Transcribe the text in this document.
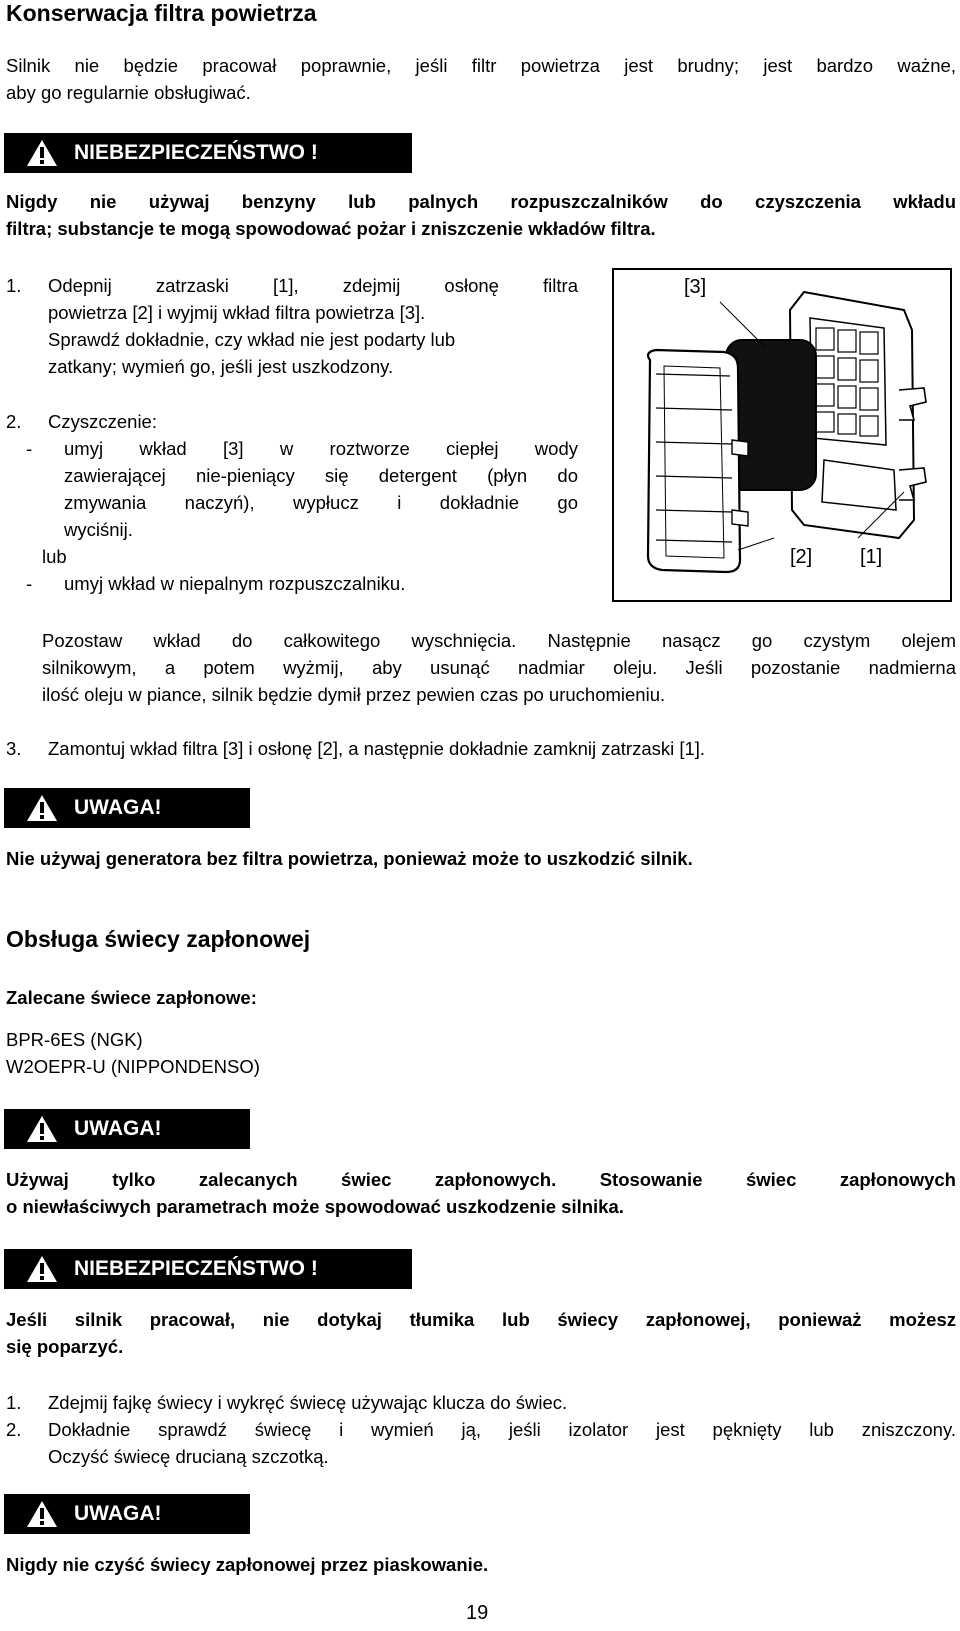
Konserwacja filtra powietrza
Silnik nie będzie pracował poprawnie, jeśli filtr powietrza jest brudny; jest bardzo ważne,
aby go regularnie obsługiwać.
NIEBEZPIECZEŃSTWO !
Nigdy nie używaj benzyny lub palnych rozpuszczalników do czyszczenia wkładu
filtra; substancje te mogą spowodować pożar i zniszczenie wkładów filtra.
1. Odepnij zatrzaski [1], zdejmij osłonę filtra
powietrza [2] i wyjmij wkład filtra powietrza [3].
Sprawdź dokładnie, czy wkład nie jest podarty lub
zatkany; wymień go, jeśli jest uszkodzony.
2. Czyszczenie:
- umyj wkład [3] w roztworze ciepłej wody
zawierającej nie-pieniący się detergent (płyn do
zmywania naczyń), wypłucz i dokładnie go
wyciśnij.
lub
- umyj wkład w niepalnym rozpuszczalniku.
[3]
[2] [1]
Pozostaw wkład do całkowitego wyschnięcia. Następnie nasącz go czystym olejem
silnikowym, a potem wyżmij, aby usunąć nadmiar oleju. Jeśli pozostanie nadmierna
ilość oleju w piance, silnik będzie dymił przez pewien czas po uruchomieniu.
3. Zamontuj wkład filtra [3] i osłonę [2], a następnie dokładnie zamknij zatrzaski [1].
UWAGA!
Nie używaj generatora bez filtra powietrza, ponieważ może to uszkodzić silnik.
Obsługa świecy zapłonowej
Zalecane świece zapłonowe:
BPR-6ES (NGK)
W2OEPR-U (NIPPONDENSO)
UWAGA!
Używaj tylko zalecanych świec zapłonowych. Stosowanie świec zapłonowych
o niewłaściwych parametrach może spowodować uszkodzenie silnika.
NIEBEZPIECZEŃSTWO !
Jeśli silnik pracował, nie dotykaj tłumika lub świecy zapłonowej, ponieważ możesz
się poparzyć.
1. Zdejmij fajkę świecy i wykręć świecę używając klucza do świec.
2. Dokładnie sprawdź świecę i wymień ją, jeśli izolator jest pęknięty lub zniszczony.
Oczyść świecę drucianą szczotką.
UWAGA!
Nigdy nie czyść świecy zapłonowej przez piaskowanie.
19
